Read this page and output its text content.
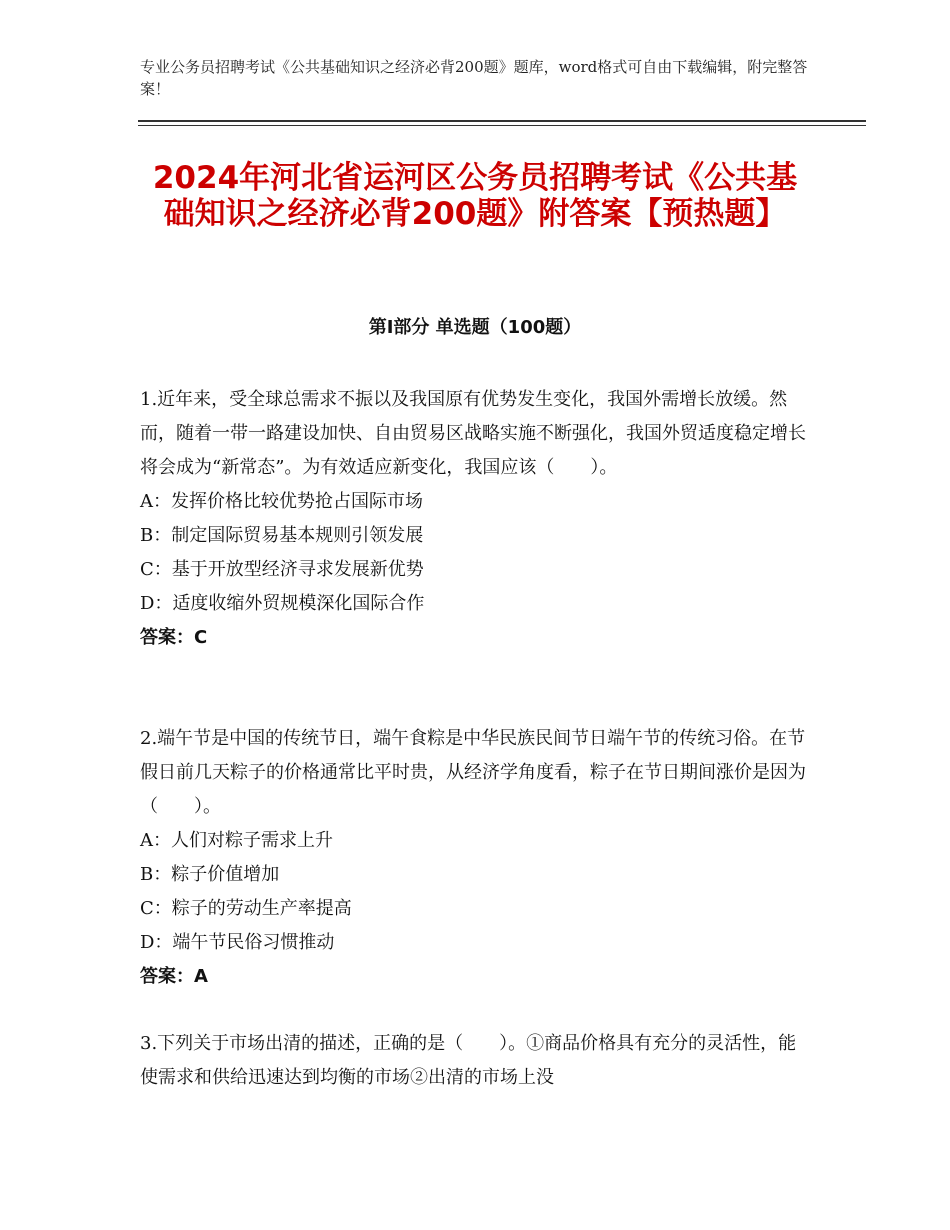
专业公务员招聘考试《公共基础知识之经济必背200题》题库，word格式可自由下载编辑，附完整答案！
2024年河北省运河区公务员招聘考试《公共基础知识之经济必背200题》附答案【预热题】
第Ⅰ部分 单选题（100题）

1.近年来，受全球总需求不振以及我国原有优势发生变化，我国外需增长放缓。然而，随着一带一路建设加快、自由贸易区战略实施不断强化，我国外贸适度稳定增长将会成为“新常态”。为有效适应新变化，我国应该（　　）。

A：发挥价格比较优势抢占国际市场

B：制定国际贸易基本规则引领发展

C：基于开放型经济寻求发展新优势

D：适度收缩外贸规模深化国际合作

答案：C

2.端午节是中国的传统节日，端午食粽是中华民族民间节日端午节的传统习俗。在节假日前几天粽子的价格通常比平时贵，从经济学角度看，粽子在节日期间涨价是因为（　　）。

A：人们对粽子需求上升

B：粽子价值增加

C：粽子的劳动生产率提高

D：端午节民俗习惯推动

答案：A

3.下列关于市场出清的描述，正确的是（　　）。①商品价格具有充分的灵活性，能使需求和供给迅速达到均衡的市场②出清的市场上没
